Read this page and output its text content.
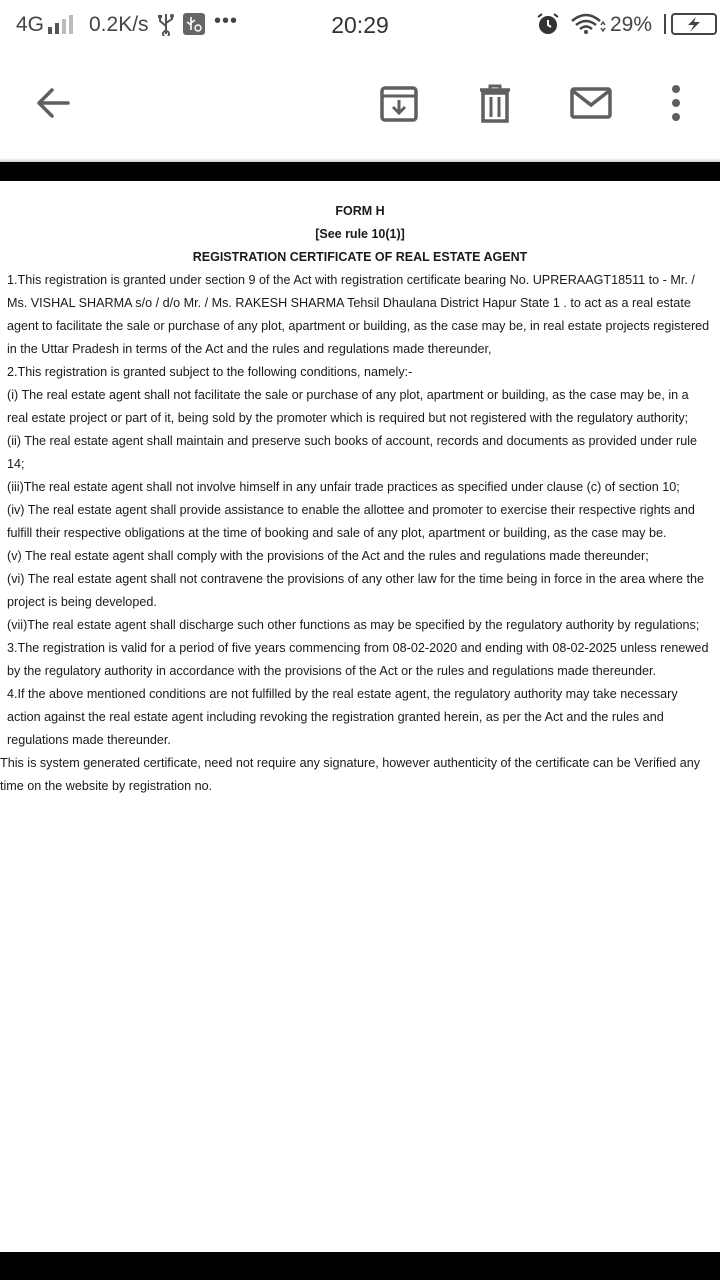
4G 0.2K/s	•••	20:29	29%
FORM H
[See rule 10(1)]
REGISTRATION CERTIFICATE OF REAL ESTATE AGENT

1.This registration is granted under section 9 of the Act with registration certificate bearing No. UPRERAAGT18511 to - Mr. / Ms. VISHAL SHARMA s/o / d/o Mr. / Ms. RAKESH SHARMA Tehsil Dhaulana District Hapur State 1 . to act as a real estate agent to facilitate the sale or purchase of any plot, apartment or building, as the case may be, in real estate projects registered in the Uttar Pradesh in terms of the Act and the rules and regulations made thereunder,

2.This registration is granted subject to the following conditions, namely:-

(i) The real estate agent shall not facilitate the sale or purchase of any plot, apartment or building, as the case may be, in a real estate project or part of it, being sold by the promoter which is required but not registered with the regulatory authority;

(ii) The real estate agent shall maintain and preserve such books of account, records and documents as provided under rule 14;

(iii)The real estate agent shall not involve himself in any unfair trade practices as specified under clause (c) of section 10;

(iv) The real estate agent shall provide assistance to enable the allottee and promoter to exercise their respective rights and fulfill their respective obligations at the time of booking and sale of any plot, apartment or building, as the case may be.

(v) The real estate agent shall comply with the provisions of the Act and the rules and regulations made thereunder;

(vi) The real estate agent shall not contravene the provisions of any other law for the time being in force in the area where the project is being developed.

(vii)The real estate agent shall discharge such other functions as may be specified by the regulatory authority by regulations;

3.The registration is valid for a period of five years commencing from 08-02-2020 and ending with 08-02-2025 unless renewed by the regulatory authority in accordance with the provisions of the Act or the rules and regulations made thereunder.

4.If the above mentioned conditions are not fulfilled by the real estate agent, the regulatory authority may take necessary action against the real estate agent including revoking the registration granted herein, as per the Act and the rules and regulations made thereunder.

This is system generated certificate, need not require any signature, however authenticity of the certificate can be Verified any time on the website by registration no.
